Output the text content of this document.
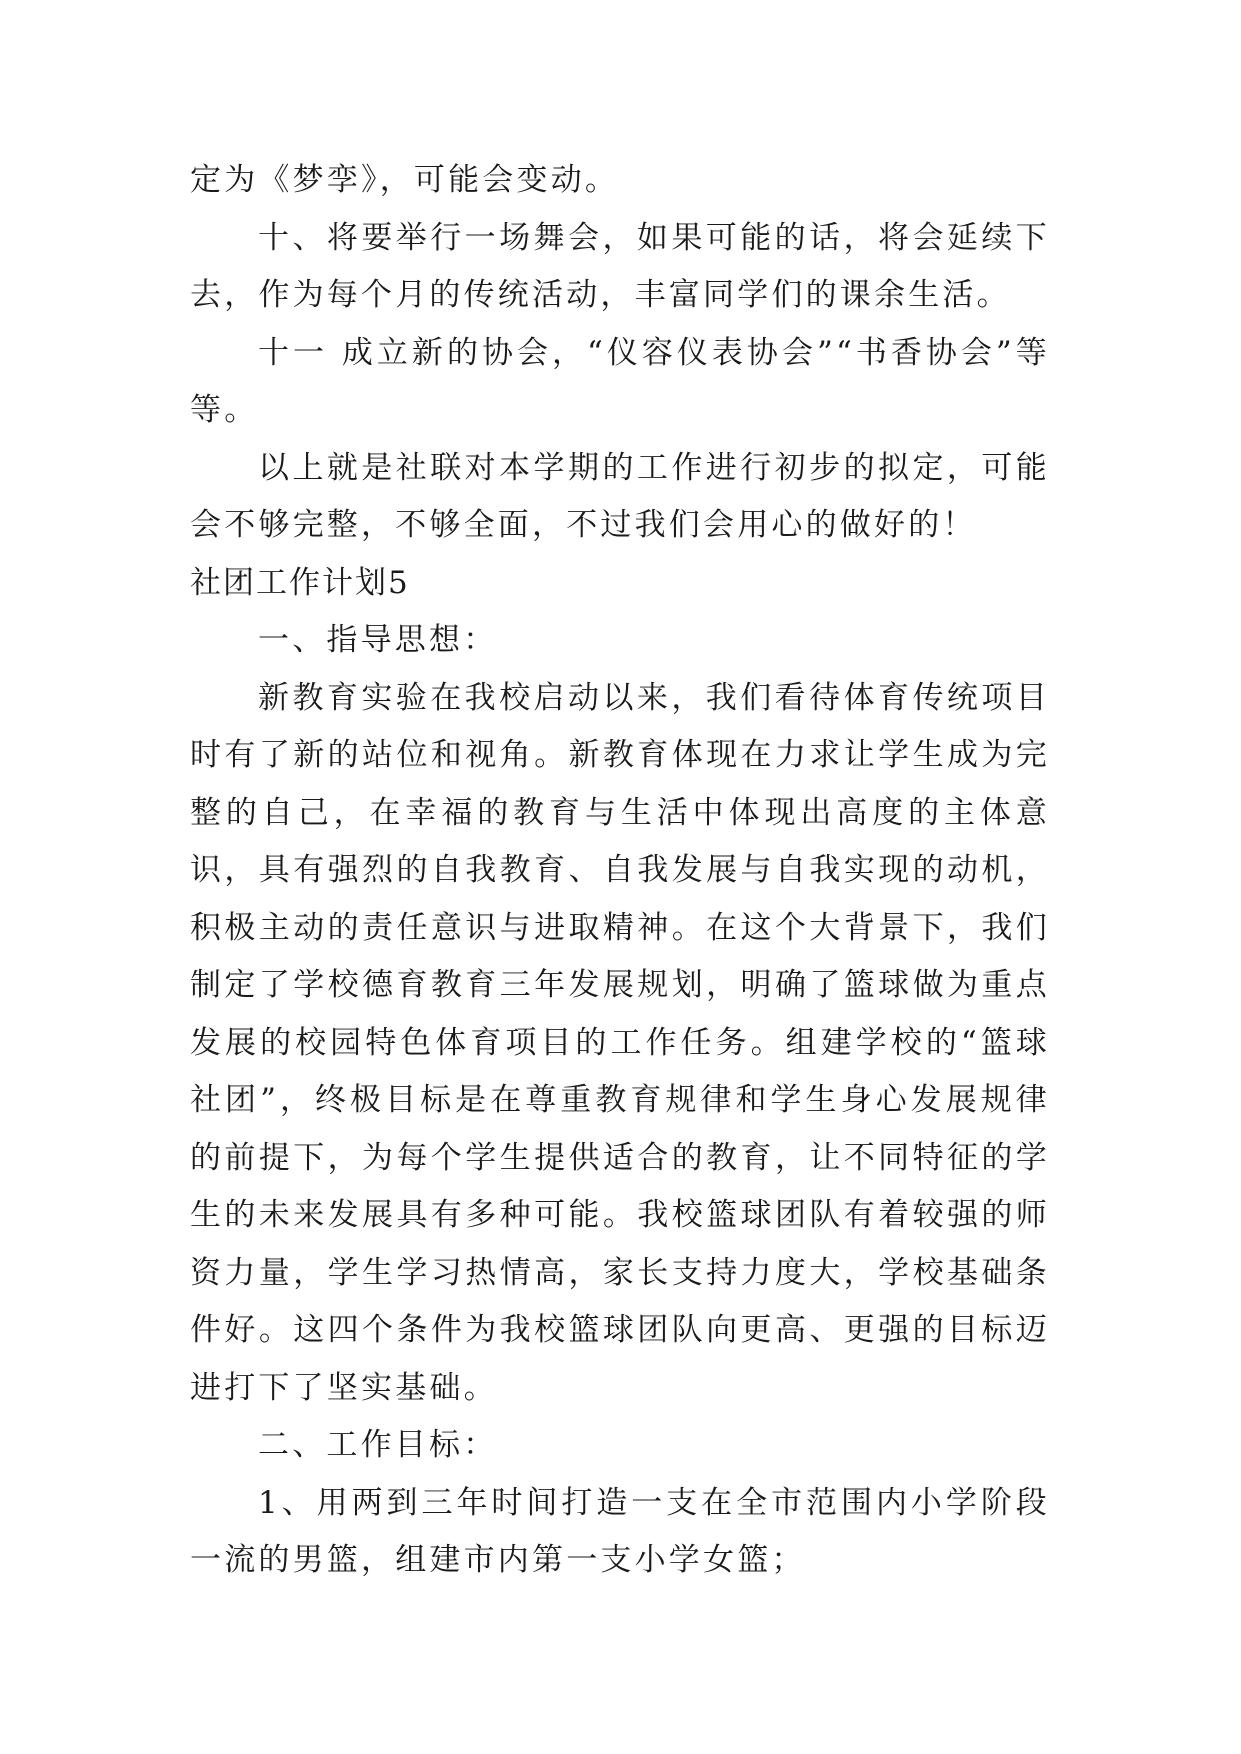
定为《梦孪》，可能会变动。

十、将要举行一场舞会，如果可能的话，将会延续下去，作为每个月的传统活动，丰富同学们的课余生活。

十一 成立新的协会，“仪容仪表协会”“书香协会”等等。

以上就是社联对本学期的工作进行初步的拟定，可能会不够完整，不够全面，不过我们会用心的做好的！

社团工作计划5

一、指导思想：

新教育实验在我校启动以来，我们看待体育传统项目时有了新的站位和视角。新教育体现在力求让学生成为完整的自己，在幸福的教育与生活中体现出高度的主体意识，具有强烈的自我教育、自我发展与自我实现的动机，积极主动的责任意识与进取精神。在这个大背景下，我们制定了学校德育教育三年发展规划，明确了篮球做为重点发展的校园特色体育项目的工作任务。组建学校的“篮球社团”，终极目标是在尊重教育规律和学生身心发展规律的前提下，为每个学生提供适合的教育，让不同特征的学生的未来发展具有多种可能。我校篮球团队有着较强的师资力量，学生学习热情高，家长支持力度大，学校基础条件好。这四个条件为我校篮球团队向更高、更强的目标迈进打下了坚实基础。

二、工作目标：

1、用两到三年时间打造一支在全市范围内小学阶段一流的男篮，组建市内第一支小学女篮；
